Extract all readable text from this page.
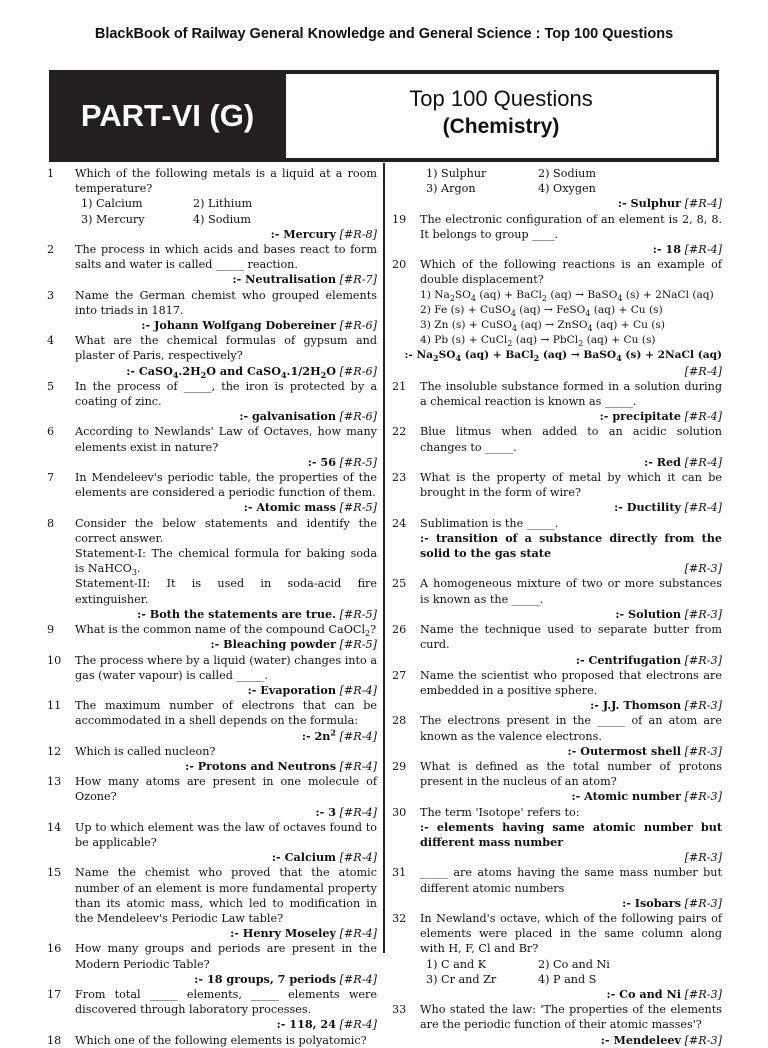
BlackBook of Railway General Knowledge and General Science : Top 100 Questions
PART-VI (G)	Top 100 Questions
(Chemistry)
1	Which of the following metals is a liquid at a room temperature?
1) Calcium	2) Lithium
3) Mercury	4) Sodium
:- Mercury [#R-8]
2	The process in which acids and bases react to form salts and water is called _____ reaction.
:- Neutralisation [#R-7]
3	Name the German chemist who grouped elements into triads in 1817.
:- Johann Wolfgang Dobereiner [#R-6]
4	What are the chemical formulas of gypsum and plaster of Paris, respectively?
:- $CaSO_4.2H_2O$ and $CaSO_4.1/2H_2O$ [#R-6]
5	In the process of _____, the iron is protected by a coating of zinc.
:- galvanisation [#R-6]
6	According to Newlands' Law of Octaves, how many elements exist in nature?
:- 56 [#R-5]
7	In Mendeleev's periodic table, the properties of the elements are considered a periodic function of them.
:- Atomic mass [#R-5]
8	Consider the below statements and identify the correct answer.
Statement-I: The chemical formula for baking soda is NaHCO$_3$.
Statement-II: It is used in soda-acid fire extinguisher.
:- Both the statements are true. [#R-5]
9	What is the common name of the compound CaOCl$_2$?
:- Bleaching powder [#R-5]
10	The process where by a liquid (water) changes into a gas (water vapour) is called _____.
:- Evaporation [#R-4]
11	The maximum number of electrons that can be accommodated in a shell depends on the formula:
:- $2n^2$ [#R-4]
12	Which is called nucleon?
:- Protons and Neutrons [#R-4]
13	How many atoms are present in one molecule of Ozone?
:- 3 [#R-4]
14	Up to which element was the law of octaves found to be applicable?
:- Calcium [#R-4]
15	Name the chemist who proved that the atomic number of an element is more fundamental property than its atomic mass, which led to modification in the Mendeleev's Periodic Law table?
:- Henry Moseley [#R-4]
16	How many groups and periods are present in the Modern Periodic Table?
:- 18 groups, 7 periods [#R-4]
17	From total _____ elements, _____ elements were discovered through laboratory processes.
:- 118, 24 [#R-4]
18	Which one of the following elements is polyatomic?
1) Sulphur	2) Sodium
3) Argon	4) Oxygen
:- Sulphur [#R-4]
19	The electronic configuration of an element is 2, 8, 8. It belongs to group ____.
:- 18 [#R-4]
20	Which of the following reactions is an example of double displacement?
1) $Na_2SO_4$ (aq) + BaCl$_2$ (aq) → BaSO$_4$ (s) + 2NaCl (aq)
2) Fe (s) + CuSO$_4$ (aq) → FeSO$_4$ (aq) + Cu (s)
3) Zn (s) + CuSO$_4$ (aq) → ZnSO$_4$ (aq) + Cu (s)
4) Pb (s) + CuCl$_2$ (aq) → PbCl$_2$ (aq) + Cu (s)
:- $Na_2SO_4$ (aq) + BaCl$_2$ (aq) → BaSO$_4$ (s) + 2NaCl (aq)
[#R-4]
21	The insoluble substance formed in a solution during a chemical reaction is known as _____.
:- precipitate [#R-4]
22	Blue litmus when added to an acidic solution changes to _____.
:- Red [#R-4]
23	What is the property of metal by which it can be brought in the form of wire?
:- Ductility [#R-4]
24	Sublimation is the _____.
:- transition of a substance directly from the solid to the gas state
[#R-3]
25	A homogeneous mixture of two or more substances is known as the _____.
:- Solution [#R-3]
26	Name the technique used to separate butter from curd.
:- Centrifugation [#R-3]
27	Name the scientist who proposed that electrons are embedded in a positive sphere.
:- J.J. Thomson [#R-3]
28	The electrons present in the _____ of an atom are known as the valence electrons.
:- Outermost shell [#R-3]
29	What is defined as the total number of protons present in the nucleus of an atom?
:- Atomic number [#R-3]
30	The term 'Isotope' refers to:
:- elements having same atomic number but different mass number
[#R-3]
31	_____ are atoms having the same mass number but different atomic numbers
:- Isobars [#R-3]
32	In Newland's octave, which of the following pairs of elements were placed in the same column along with H, F, Cl and Br?
1) C and K	2) Co and Ni
3) Cr and Zr	4) P and S
:- Co and Ni [#R-3]
33	Who stated the law: 'The properties of the elements are the periodic function of their atomic masses'?
:- Mendeleev [#R-3]
